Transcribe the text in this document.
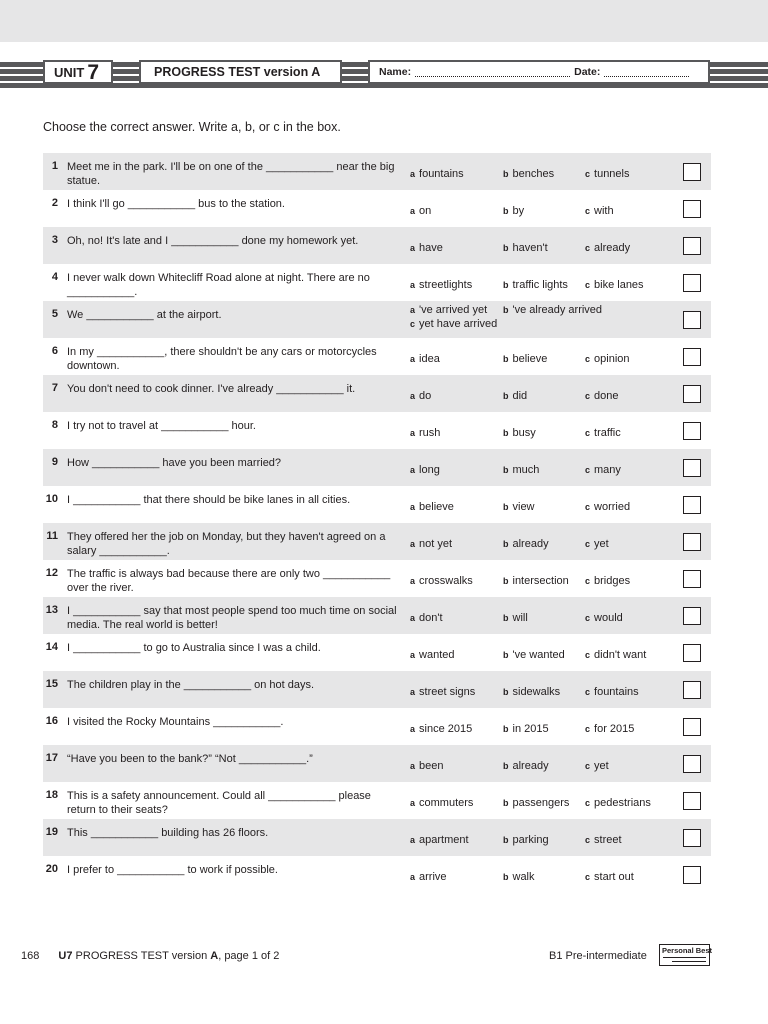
UNIT 7	PROGRESS TEST version A	Name:	Date:
Choose the correct answer. Write a, b, or c in the box.
1 Meet me in the park. I'll be on one of the ___________ near the big statue.
a fountains	b benches	c tunnels
2 I think I'll go ___________ bus to the station.
a on	b by	c with
3 Oh, no! It's late and I ___________ done my homework yet.
a have	b haven't	c already
4 I never walk down Whitecliff Road alone at night. There are no ___________.
a streetlights	b traffic lights c bike lanes
5 We ___________ at the airport.	a 've arrived yet b 've already arrived
c yet have arrived
6 In my ___________, there shouldn't be any cars or motorcycles downtown.
a idea	b believe	c opinion
7 You don't need to cook dinner. I've already ___________ it.
a do	b did	c done
8 I try not to travel at ___________ hour.
a rush	b busy	c traffic
9 How ___________ have you been married?
a long	b much	c many
10 I ___________ that there should be bike lanes in all cities.
a believe	b view	c worried
11 They offered her the job on Monday, but they haven't agreed on a salary ___________.
a not yet	b already	c yet
12 The traffic is always bad because there are only two ___________ over the river.
a crosswalks	b intersection c bridges
13 I ___________ say that most people spend too much time on social media. The real world is better!
a don't	b will	c would
14 I ___________ to go to Australia since I was a child.
a wanted	b 've wanted c didn't want
15 The children play in the ___________ on hot days.
a street signs	b sidewalks	c fountains
16 I visited the Rocky Mountains ___________.
a since 2015	b in 2015	c for 2015
17 “Have you been to the bank?” “Not ___________.”
a been	b already	c yet
18 This is a safety announcement. Could all ___________ please return to their seats?
a commuters	b passengers c pedestrians
19 This ___________ building has 26 floors.
a apartment	b parking	c street
20 I prefer to ___________ to work if possible.
a arrive	b walk	c start out
168 U7 PROGRESS TEST version A, page 1 of 2	B1 Pre-intermediate Personal Best
